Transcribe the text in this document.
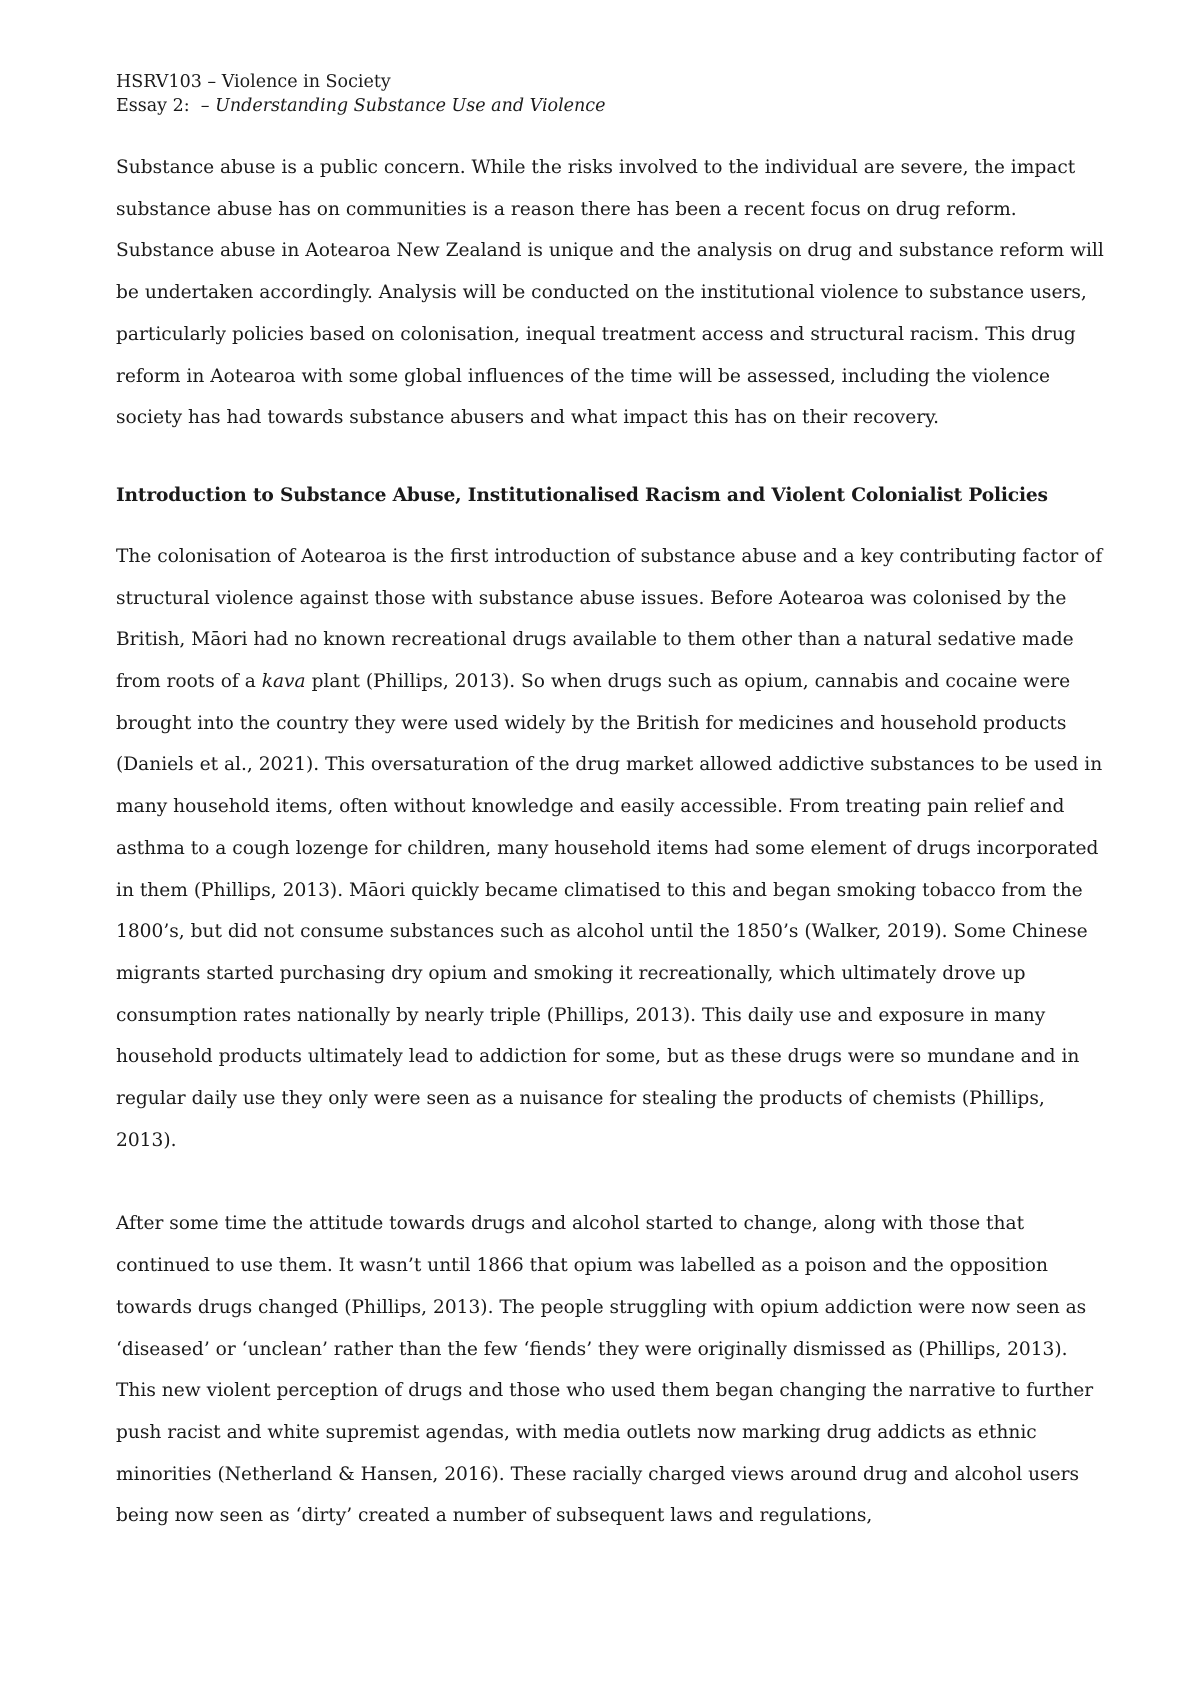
HSRV103 – Violence in Society

Essay 2: – Understanding Substance Use and Violence

Substance abuse is a public concern. While the risks involved to the individual are severe, the impact substance abuse has on communities is a reason there has been a recent focus on drug reform. Substance abuse in Aotearoa New Zealand is unique and the analysis on drug and substance reform will be undertaken accordingly. Analysis will be conducted on the institutional violence to substance users, particularly policies based on colonisation, inequal treatment access and structural racism. This drug reform in Aotearoa with some global influences of the time will be assessed, including the violence society has had towards substance abusers and what impact this has on their recovery.

Introduction to Substance Abuse, Institutionalised Racism and Violent Colonialist Policies

The colonisation of Aotearoa is the first introduction of substance abuse and a key contributing factor of structural violence against those with substance abuse issues. Before Aotearoa was colonised by the British, Māori had no known recreational drugs available to them other than a natural sedative made from roots of a kava plant (Phillips, 2013). So when drugs such as opium, cannabis and cocaine were brought into the country they were used widely by the British for medicines and household products (Daniels et al., 2021). This oversaturation of the drug market allowed addictive substances to be used in many household items, often without knowledge and easily accessible. From treating pain relief and asthma to a cough lozenge for children, many household items had some element of drugs incorporated in them (Phillips, 2013). Māori quickly became climatised to this and began smoking tobacco from the 1800’s, but did not consume substances such as alcohol until the 1850’s (Walker, 2019). Some Chinese migrants started purchasing dry opium and smoking it recreationally, which ultimately drove up consumption rates nationally by nearly triple (Phillips, 2013). This daily use and exposure in many household products ultimately lead to addiction for some, but as these drugs were so mundane and in regular daily use they only were seen as a nuisance for stealing the products of chemists (Phillips, 2013).

After some time the attitude towards drugs and alcohol started to change, along with those that continued to use them. It wasn’t until 1866 that opium was labelled as a poison and the opposition towards drugs changed (Phillips, 2013). The people struggling with opium addiction were now seen as ‘diseased’ or ‘unclean’ rather than the few ‘fiends’ they were originally dismissed as (Phillips, 2013). This new violent perception of drugs and those who used them began changing the narrative to further push racist and white supremist agendas, with media outlets now marking drug addicts as ethnic minorities (Netherland & Hansen, 2016). These racially charged views around drug and alcohol users being now seen as ‘dirty’ created a number of subsequent laws and regulations,
